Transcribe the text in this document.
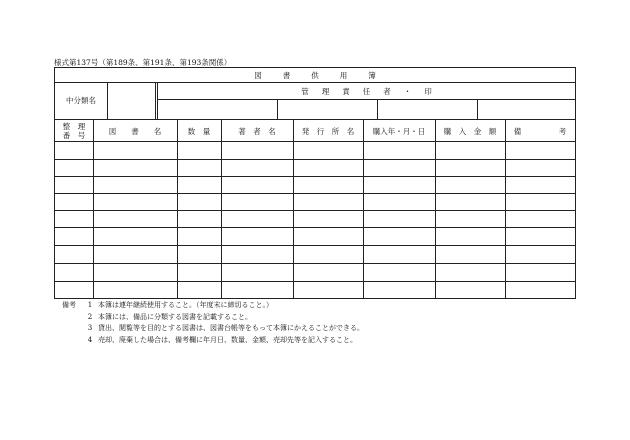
様式第137号（第189条、第191条、第193条関係）
図書供用簿
中分類名
管理責任者・印
整　理
番　号	図　　書　　名	数　量	著　者　名	発　行　所　名	購入年・月・日	購　入　金　額	備　　　　　考
備考	1 本簿は連年継続使用すること。（年度末に締切ること。）
2 本簿には、備品に分類する図書を記載すること。
3 貸出、閲覧等を目的とする図書は、図書台帳等をもって本簿にかえることができる。
4 売却、廃棄した場合は、備考欄に年月日、数量、金額、売却先等を記入すること。
